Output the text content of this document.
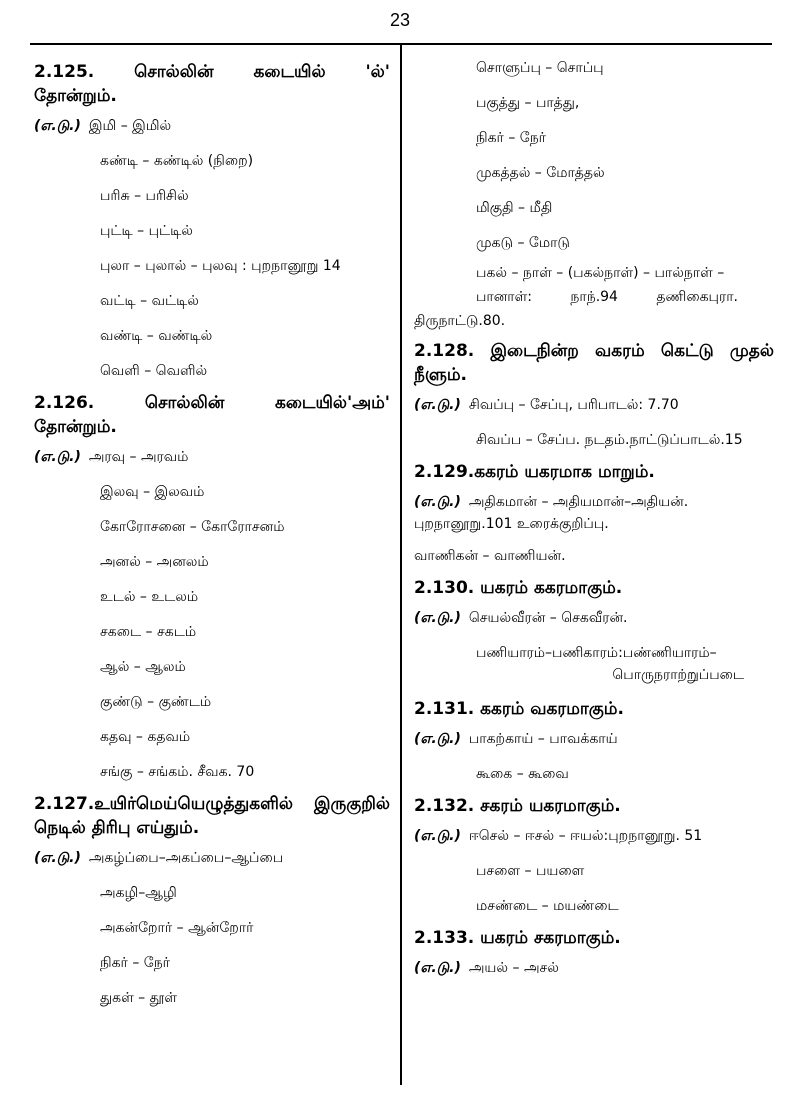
23
2.125. சொல்லின் கடையில் 'ல்' தோன்றும்.
(எ.டு.) இமி – இமில்
கண்டி – கண்டில் (நிறை)
பரிசு – பரிசில்
புட்டி – புட்டில்
புலா – புலால் – புலவு : புறநானூறு 14
வட்டி – வட்டில்
வண்டி – வண்டில்
வெளி – வெளில்
2.126. சொல்லின் கடையில்'அம்' தோன்றும்.
(எ.டு.) அரவு – அரவம்
இலவு – இலவம்
கோரோசனை – கோரோசனம்
அனல் – அனலம்
உடல் – உடலம்
சகடை – சகடம்
ஆல் – ஆலம்
குண்டு – குண்டம்
கதவு – கதவம்
சங்கு – சங்கம். சீவக. 70
2.127.உயிர்மெய்யெழுத்துகளில் இருகுறில் நெடில் திரிபு எய்தும்.
(எ.டு.) அகழ்ப்பை–அகப்பை–ஆப்பை
அகழி–ஆழி
அகன்றோர் – ஆன்றோர்
நிகர் – நேர்
துகள் – தூள்
சொளுப்பு – சொப்பு
பகுத்து – பாத்து,
நிகர் – நேர்
முகத்தல் – மோத்தல்
மிகுதி – மீதி
முகடு – மோடு
பகல் – நாள் – (பகல்நாள்) – பால்நாள் –
பானாள்: நாந்.94 தணிகைபுரா.
திருநாட்டு.80.
2.128. இடைநின்ற வகரம் கெட்டு முதல் நீளும்.
(எ.டு.) சிவப்பு – சேப்பு, பரிபாடல்: 7.70
சிவப்ப – சேப்ப. நடதம்.நாட்டுப்பாடல்.15
2.129.ககரம் யகரமாக மாறும்.
(எ.டு.) அதிகமான் – அதியமான்–அதியன்.
புறநானூறு.101 உரைக்குறிப்பு.
வாணிகன் – வாணியன்.
2.130. யகரம் ககரமாகும்.
(எ.டு.) செயல்வீரன் – செகவீரன்.
பணியாரம்–பணிகாரம்:பண்ணியாரம்–
பொருநராற்றுப்படை
2.131. ககரம் வகரமாகும்.
(எ.டு.) பாகற்காய் – பாவக்காய்
கூகை – கூவை
2.132. சகரம் யகரமாகும்.
(எ.டு.) ஈசெல் – ஈசல் – ஈயல்:புறநானூறு. 51
பசளை – பயளை
மசண்டை – மயண்டை
2.133. யகரம் சகரமாகும்.
(எ.டு.) அயல் – அசல்
